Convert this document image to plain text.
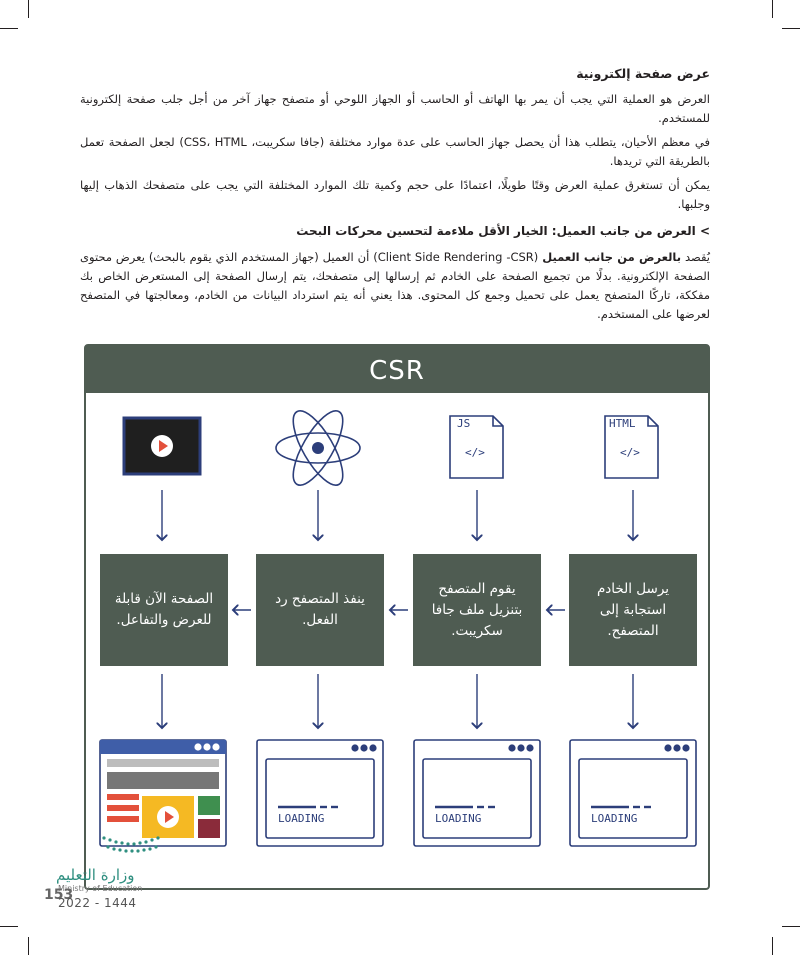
عرض صفحة إلكترونية

العرض هو العملية التي يجب أن يمر بها الهاتف أو الحاسب أو الجهاز اللوحي أو متصفح جهاز آخر من أجل جلب صفحة إلكترونية للمستخدم.

في معظم الأحيان، يتطلب هذا أن يحصل جهاز الحاسب على عدة موارد مختلفة (جافا سكريبت، CSS، HTML) لجعل الصفحة تعمل بالطريقة التي تريدها.

يمكن أن تستغرق عملية العرض وقتًا طويلًا، اعتمادًا على حجم وكمية تلك الموارد المختلفة التي يجب على متصفحك الذهاب إليها وجلبها.

> العرض من جانب العميل: الخيار الأقل ملاءمة لتحسين محركات البحث

يُقصد بالعرض من جانب العميل (Client Side Rendering -CSR) أن العميل (جهاز المستخدم الذي يقوم بالبحث) يعرض محتوى الصفحة الإلكترونية. بدلًا من تجميع الصفحة على الخادم ثم إرسالها إلى متصفحك، يتم إرسال الصفحة إلى المستعرض الخاص بك مفككة، تاركًا المتصفح يعمل على تحميل وجمع كل المحتوى. هذا يعني أنه يتم استرداد البيانات من الخادم، ومعالجتها في المتصفح لعرضها على المستخدم.

CSR
HTML
</>
JS
</>
LOADING
LOADING
LOADING
يرسل الخادم استجابة إلى المتصفح.
يقوم المتصفح بتنزيل ملف جافا سكريبت.
ينفذ المتصفح رد الفعل.
الصفحة الآن قابلة للعرض والتفاعل.
وزارة التعليم
Ministry of Education
153
2022 - 1444
